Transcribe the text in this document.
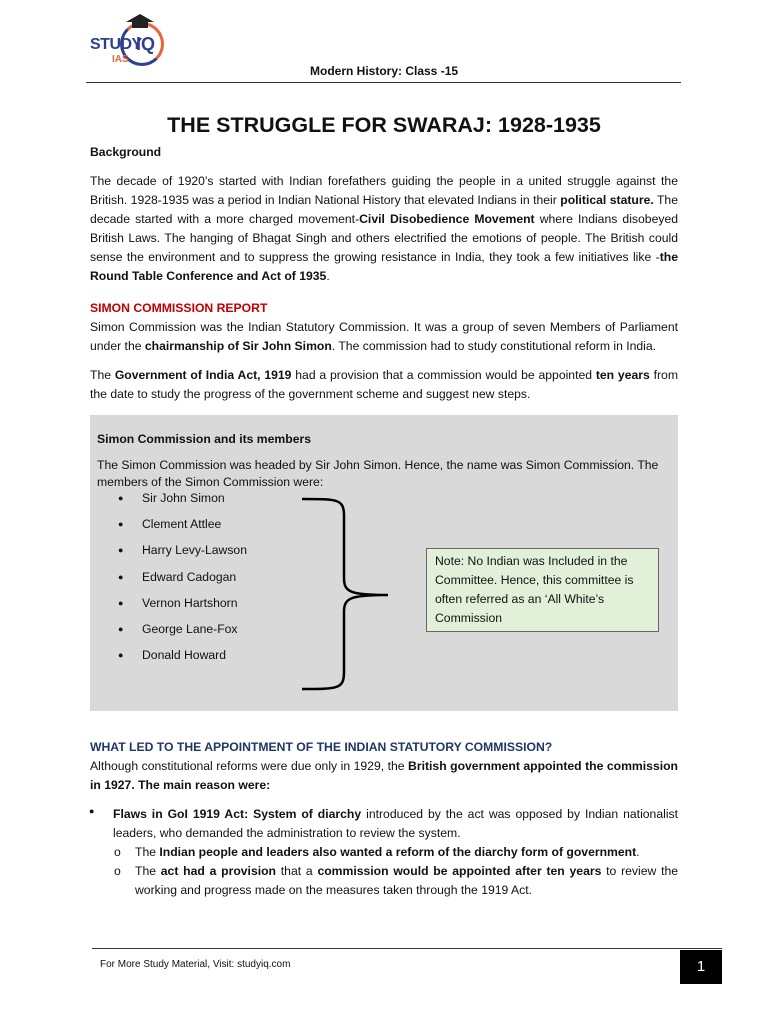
STUDY
IQ
IAS
Modern History: Class -15
THE STRUGGLE FOR SWARAJ: 1928-1935
Background

The decade of 1920’s started with Indian forefathers guiding the people in a united struggle against the British. 1928-1935 was a period in Indian National History that elevated Indians in their political stature. The decade started with a more charged movement-Civil Disobedience Movement where Indians disobeyed British Laws. The hanging of Bhagat Singh and others electrified the emotions of people. The British could sense the environment and to suppress the growing resistance in India, they took a few initiatives like -the Round Table Conference and Act of 1935.

SIMON COMMISSION REPORT

Simon Commission was the Indian Statutory Commission. It was a group of seven Members of Parliament under the chairmanship of Sir John Simon. The commission had to study constitutional reform in India.

The Government of India Act, 1919 had a provision that a commission would be appointed ten years from the date to study the progress of the government scheme and suggest new steps.

Simon Commission and its members

The Simon Commission was headed by Sir John Simon. Hence, the name was Simon Commission. The members of the Simon Commission were:

● Sir John Simon
● Clement Attlee
● Harry Levy-Lawson
● Edward Cadogan
● Vernon Hartshorn
● George Lane-Fox
● Donald Howard
Note: No Indian was Included in the Committee. Hence, this committee is often referred as an ‘All White’s Commission
WHAT LED TO THE APPOINTMENT OF THE INDIAN STATUTORY COMMISSION?

Although constitutional reforms were due only in 1929, the British government appointed the commission in 1927. The main reason were:

● Flaws in GoI 1919 Act: System of diarchy introduced by the act was opposed by Indian nationalist leaders, who demanded the administration to review the system.

o The Indian people and leaders also wanted a reform of the diarchy form of government.

o The act had a provision that a commission would be appointed after ten years to review the working and progress made on the measures taken through the 1919 Act.

For More Study Material, Visit: studyiq.com	1
